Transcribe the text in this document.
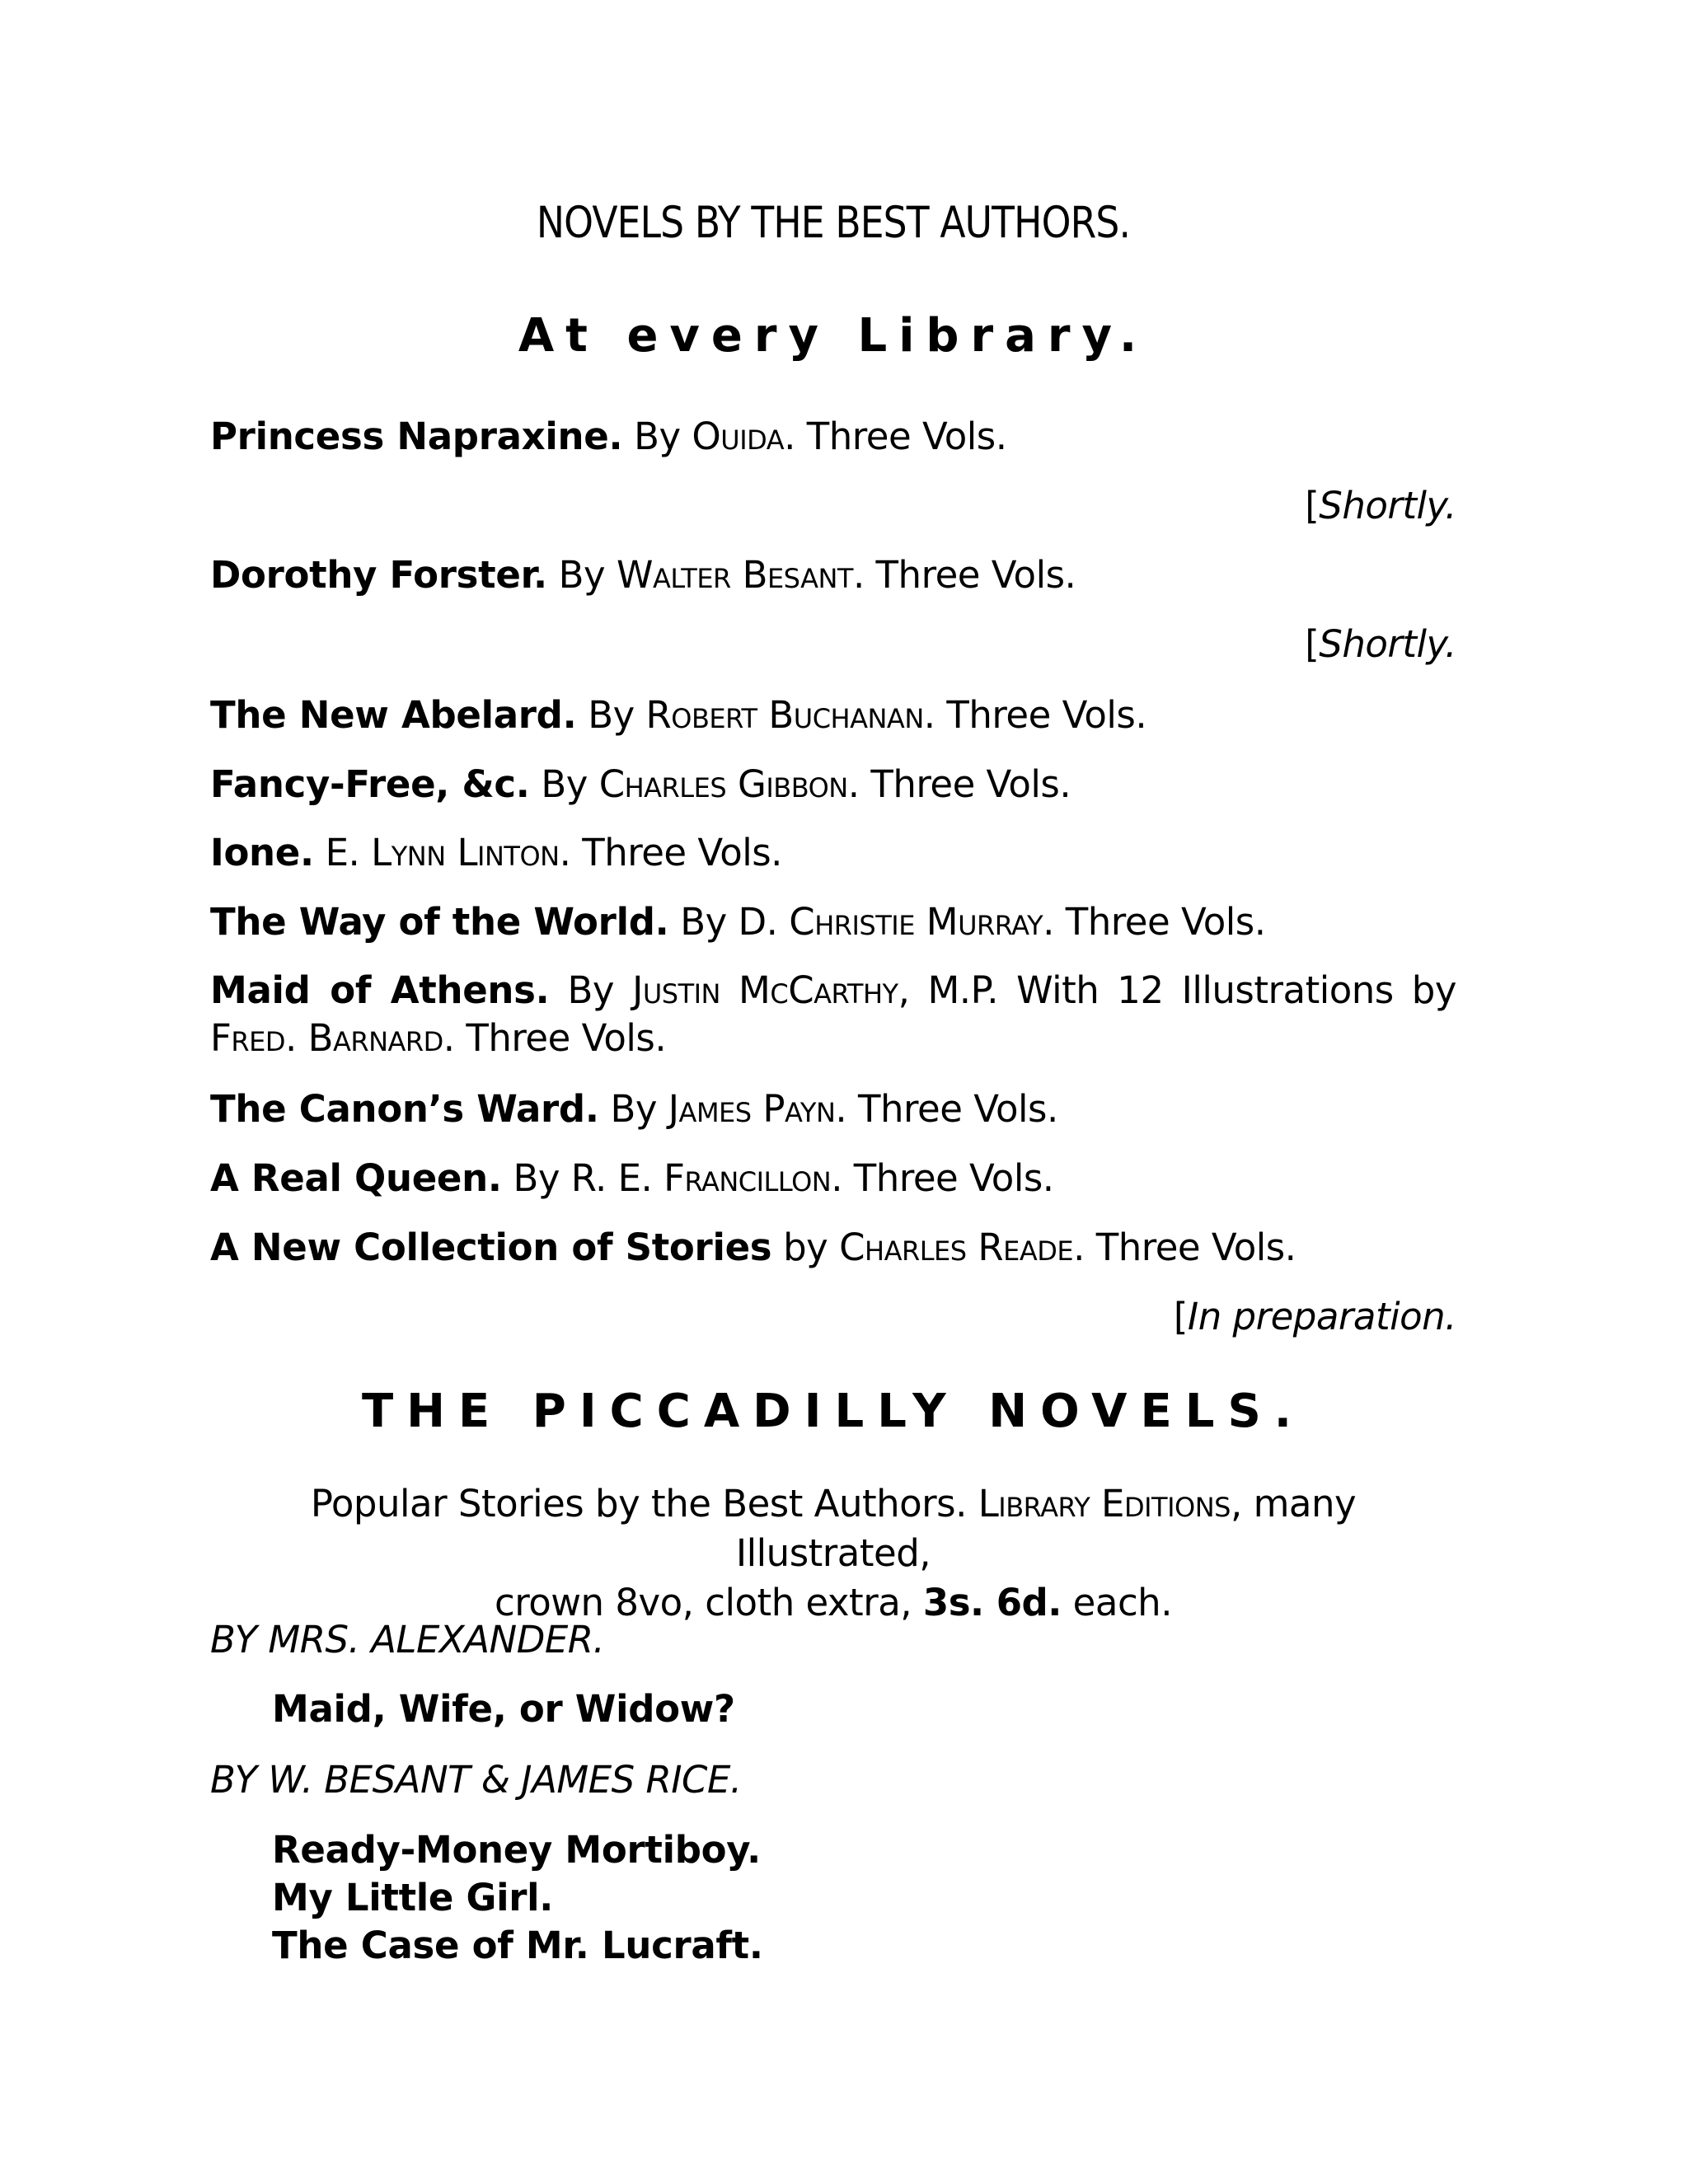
NOVELS BY THE BEST AUTHORS.
At every Library.
Princess Napraxine. By Ouida. Three Vols.
[Shortly.
Dorothy Forster. By Walter Besant. Three Vols.
[Shortly.
The New Abelard. By Robert Buchanan. Three Vols.
Fancy-Free, &c. By Charles Gibbon. Three Vols.
Ione. E. Lynn Linton. Three Vols.
The Way of the World. By D. Christie Murray. Three Vols.
Maid of Athens. By Justin McCarthy, M.P. With 12 Illustrations by Fred. Barnard. Three Vols.
The Canon’s Ward. By James Payn. Three Vols.
A Real Queen. By R. E. Francillon. Three Vols.
A New Collection of Stories by Charles Reade. Three Vols.
[In preparation.
THE PICCADILLY NOVELS.
Popular Stories by the Best Authors. Library Editions, many Illustrated,
crown 8vo, cloth extra, 3s. 6d. each.
BY MRS. ALEXANDER.
Maid, Wife, or Widow?
BY W. BESANT & JAMES RICE.
Ready-Money Mortiboy.
My Little Girl.
The Case of Mr. Lucraft.
